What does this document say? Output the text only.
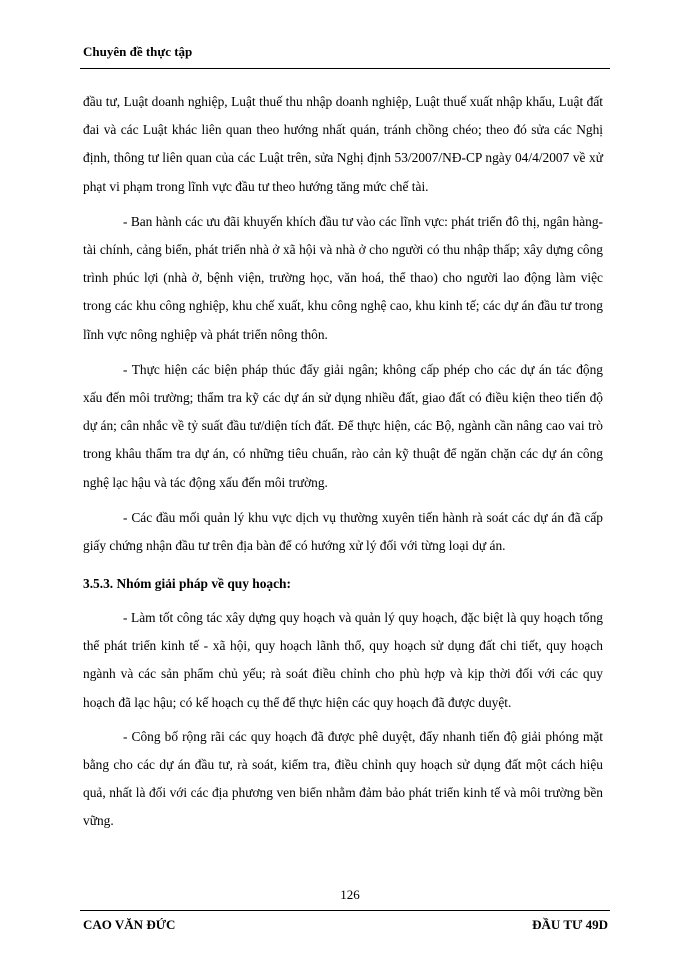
Chuyên đề thực tập

đầu tư, Luật doanh nghiệp, Luật thuế thu nhập doanh nghiệp, Luật thuế xuất nhập khẩu, Luật đất đai và các Luật khác liên quan theo hướng nhất quán, tránh chồng chéo; theo đó sửa các Nghị định, thông tư liên quan của các Luật trên, sửa Nghị định 53/2007/NĐ-CP ngày 04/4/2007 về xử phạt vi phạm trong lĩnh vực đầu tư theo hướng tăng mức chế tài.

- Ban hành các ưu đãi khuyến khích đầu tư vào các lĩnh vực: phát triển đô thị, ngân hàng-tài chính, cảng biển, phát triển nhà ở xã hội và nhà ở cho người có thu nhập thấp; xây dựng công trình phúc lợi (nhà ở, bệnh viện, trường học, văn hoá, thể thao) cho người lao động làm việc trong các khu công nghiệp, khu chế xuất, khu công nghệ cao, khu kinh tế; các dự án đầu tư trong lĩnh vực nông nghiệp và phát triển nông thôn.

- Thực hiện các biện pháp thúc đẩy giải ngân; không cấp phép cho các dự án tác động xấu đến môi trường; thẩm tra kỹ các dự án sử dụng nhiều đất, giao đất có điều kiện theo tiến độ dự án; cân nhắc về tỷ suất đầu tư/diện tích đất. Để thực hiện, các Bộ, ngành cần nâng cao vai trò trong khâu thẩm tra dự án, có những tiêu chuẩn, rào cản kỹ thuật để ngăn chặn các dự án công nghệ lạc hậu và tác động xấu đến môi trường.

- Các đầu mối quản lý khu vực dịch vụ thường xuyên tiến hành rà soát các dự án đã cấp giấy chứng nhận đầu tư trên địa bàn để có hướng xử lý đối với từng loại dự án.

3.5.3. Nhóm giải pháp về quy hoạch:

- Làm tốt công tác xây dựng quy hoạch và quản lý quy hoạch, đặc biệt là quy hoạch tổng thể phát triển kinh tế - xã hội, quy hoạch lãnh thổ, quy hoạch sử dụng đất chi tiết, quy hoạch ngành và các sản phẩm chủ yếu; rà soát điều chỉnh cho phù hợp và kịp thời đối với các quy hoạch đã lạc hậu; có kế hoạch cụ thể để thực hiện các quy hoạch đã được duyệt.

- Công bố rộng rãi các quy hoạch đã được phê duyệt, đẩy nhanh tiến độ giải phóng mặt bằng cho các dự án đầu tư, rà soát, kiểm tra, điều chỉnh quy hoạch sử dụng đất một cách hiệu quả, nhất là đối với các địa phương ven biển nhằm đảm bảo phát triển kinh tế và môi trường bền vững.

126
CAO VĂN ĐỨC	ĐẦU TƯ 49D
